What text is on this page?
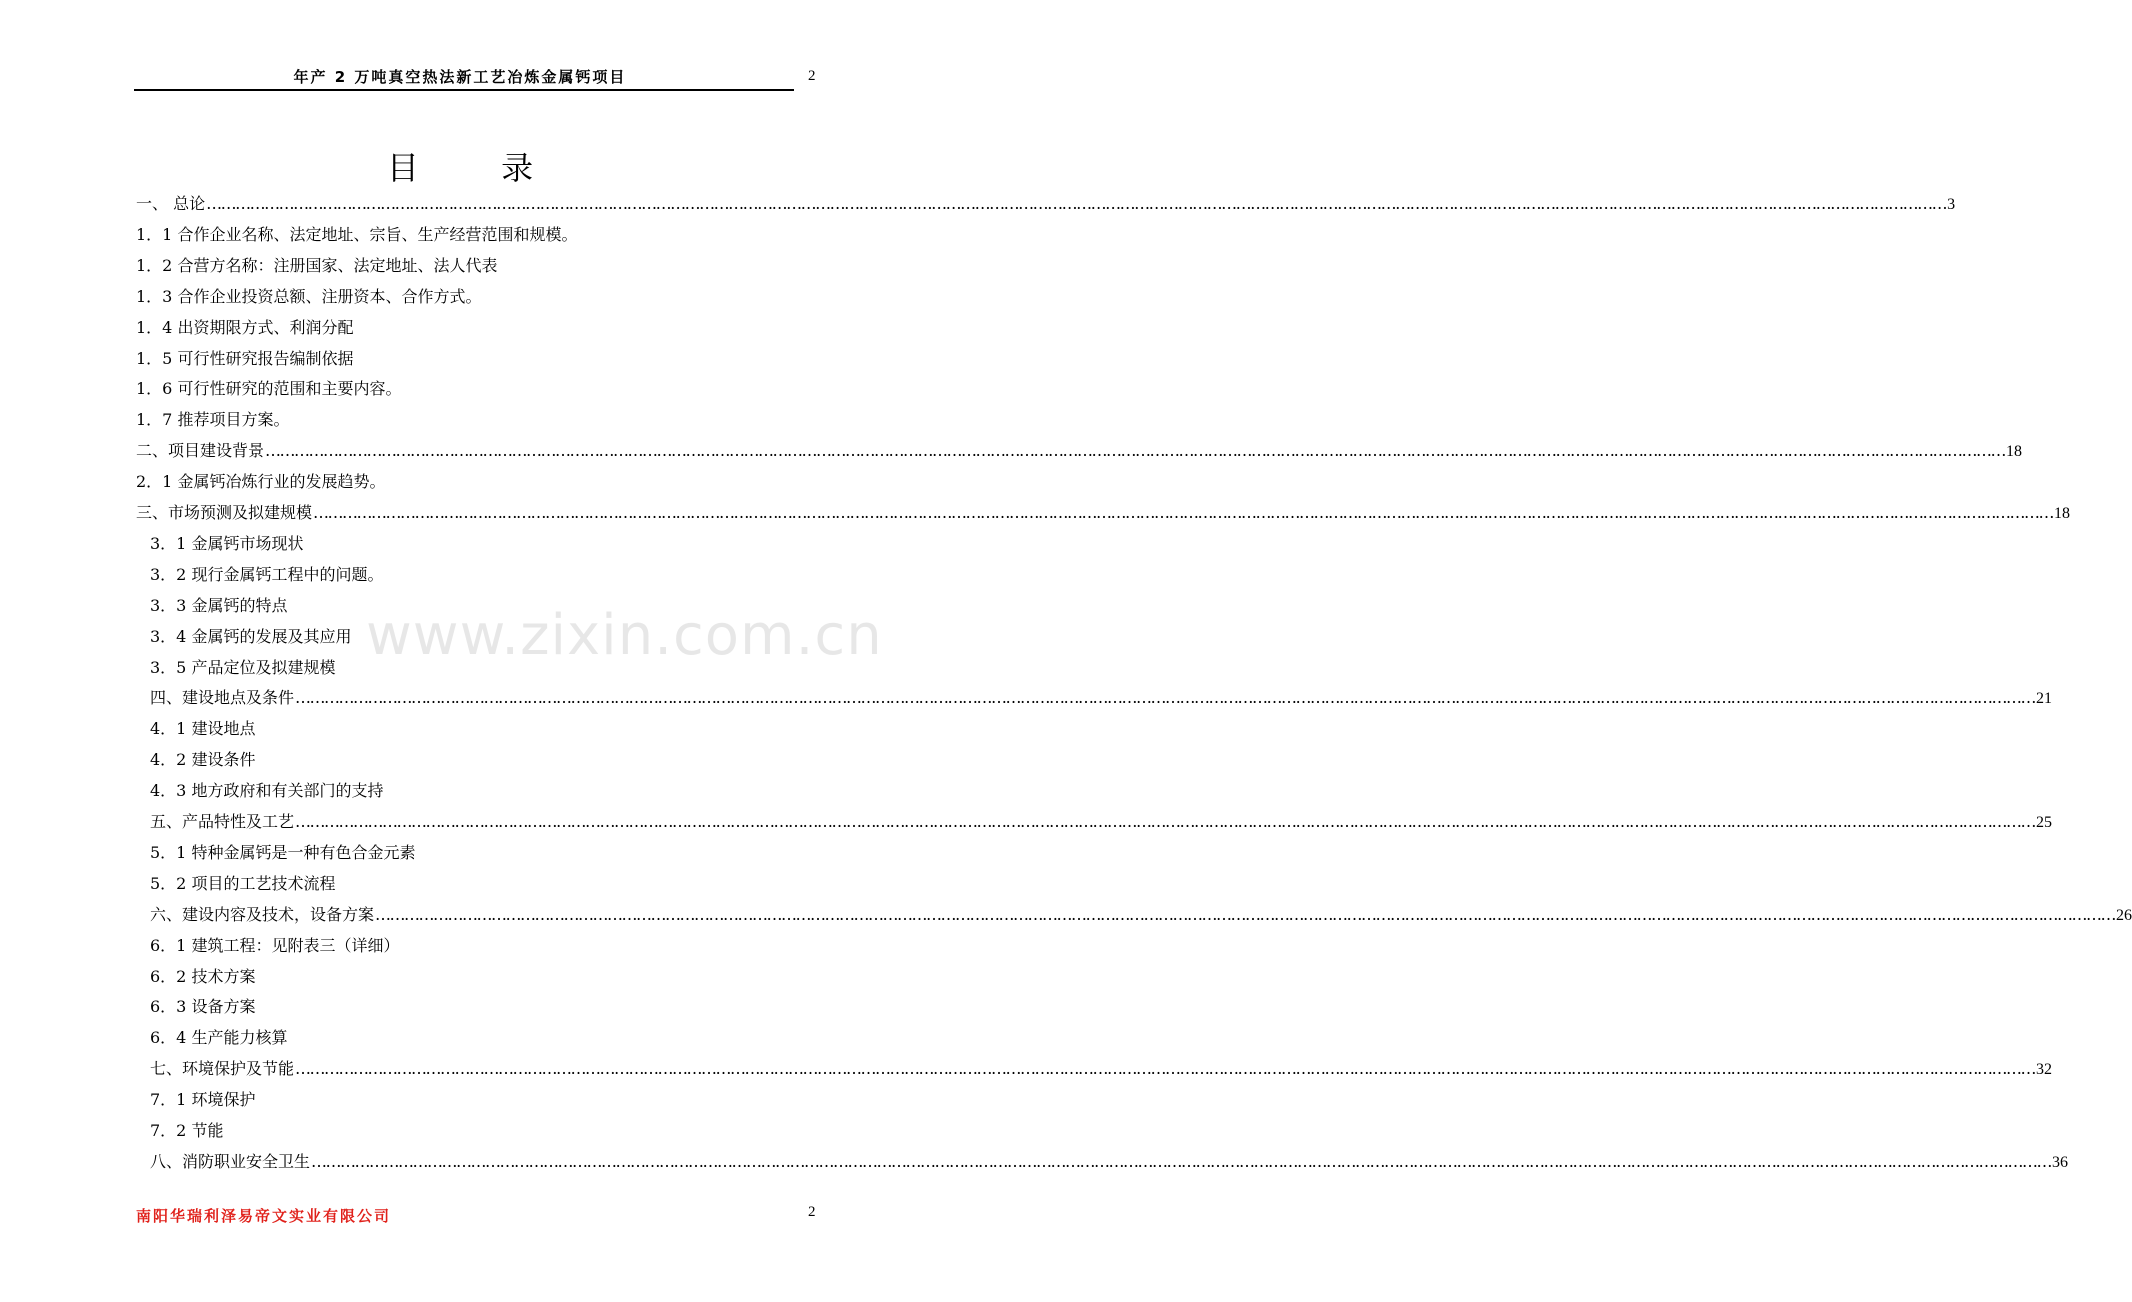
年产 2 万吨真空热法新工艺冶炼金属钙项目	2
目 录
一、 总论 ……………………………………………………………………………………………………………………………………………………………………………………………………………………………………………………………………………………………………………………………… 3
1．1 合作企业名称、法定地址、宗旨、生产经营范围和规模。
1．2 合营方名称：注册国家、法定地址、法人代表
1．3 合作企业投资总额、注册资本、合作方式。
1．4 出资期限方式、利润分配
1．5 可行性研究报告编制依据
1．6 可行性研究的范围和主要内容。
1．7 推荐项目方案。
二、项目建设背景 ……………………………………………………………………………………………………………………………………………………………………………………………………………………………………………………………………………………………………………………………… 18
2．1 金属钙冶炼行业的发展趋势。
三、市场预测及拟建规模 ……………………………………………………………………………………………………………………………………………………………………………………………………………………………………………………………………………………………………………………………… 18
3．1 金属钙市场现状
3．2 现行金属钙工程中的问题。
3．3 金属钙的特点
3．4 金属钙的发展及其应用
3．5 产品定位及拟建规模
四、建设地点及条件 ……………………………………………………………………………………………………………………………………………………………………………………………………………………………………………………………………………………………………………………………… 21
4．1 建设地点
4．2 建设条件
4．3 地方政府和有关部门的支持
五、产品特性及工艺 ……………………………………………………………………………………………………………………………………………………………………………………………………………………………………………………………………………………………………………………………… 25
5．1 特种金属钙是一种有色合金元素
5．2 项目的工艺技术流程
六、建设内容及技术，设备方案 ……………………………………………………………………………………………………………………………………………………………………………………………………………………………………………………………………………………………………………………………… 26
6．1 建筑工程：见附表三（详细）
6．2 技术方案
6．3 设备方案
6．4 生产能力核算
七、环境保护及节能 ……………………………………………………………………………………………………………………………………………………………………………………………………………………………………………………………………………………………………………………………… 32
7．1 环境保护
7．2 节能
八、消防职业安全卫生 ……………………………………………………………………………………………………………………………………………………………………………………………………………………………………………………………………………………………………………………………… 36
www.zixin.com.cn
南阳华瑞利泽易帝文实业有限公司	2
